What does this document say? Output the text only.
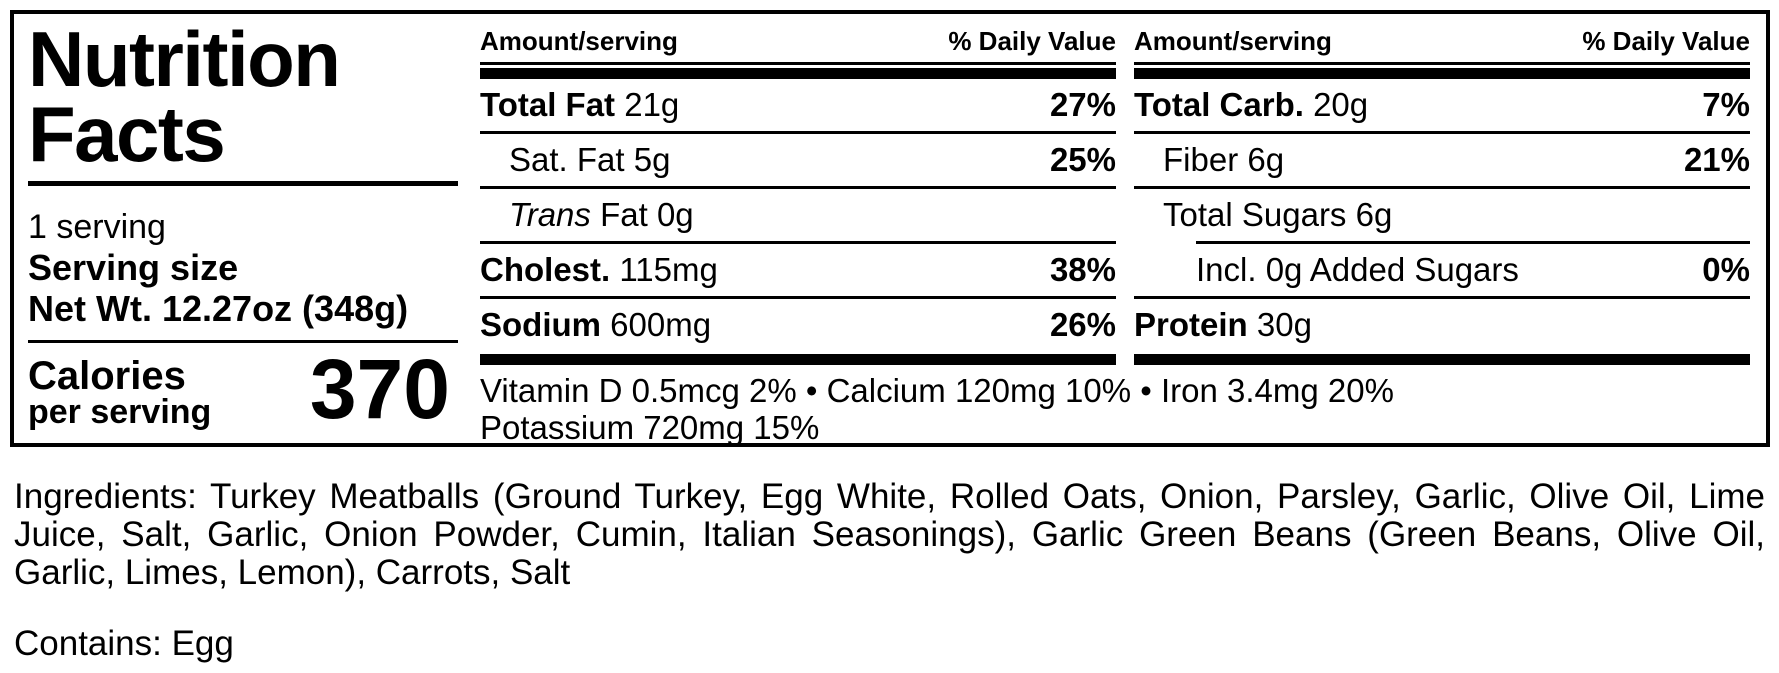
Nutrition
Facts
1 serving
Serving size
Net Wt. 12.27oz (348g)
Calories
per serving 370
Amount/serving	% Daily Value
Total Fat 21g	27%
Sat. Fat 5g	25%
Trans Fat 0g
Cholest. 115mg	38%
Sodium 600mg	26%
Amount/serving	% Daily Value
Total Carb. 20g	7%
Fiber 6g	21%
Total Sugars 6g
Incl. 0g Added Sugars	0%
Protein 30g
Vitamin D 0.5mcg 2% • Calcium 120mg 10% • Iron 3.4mg 20%
Potassium 720mg 15%
Ingredients: Turkey Meatballs (Ground Turkey, Egg White, Rolled Oats, Onion, Parsley, Garlic, Olive Oil, Lime Juice, Salt, Garlic, Onion Powder, Cumin, Italian Seasonings), Garlic Green Beans (Green Beans, Olive Oil, Garlic, Limes, Lemon), Carrots, Salt
Contains: Egg
